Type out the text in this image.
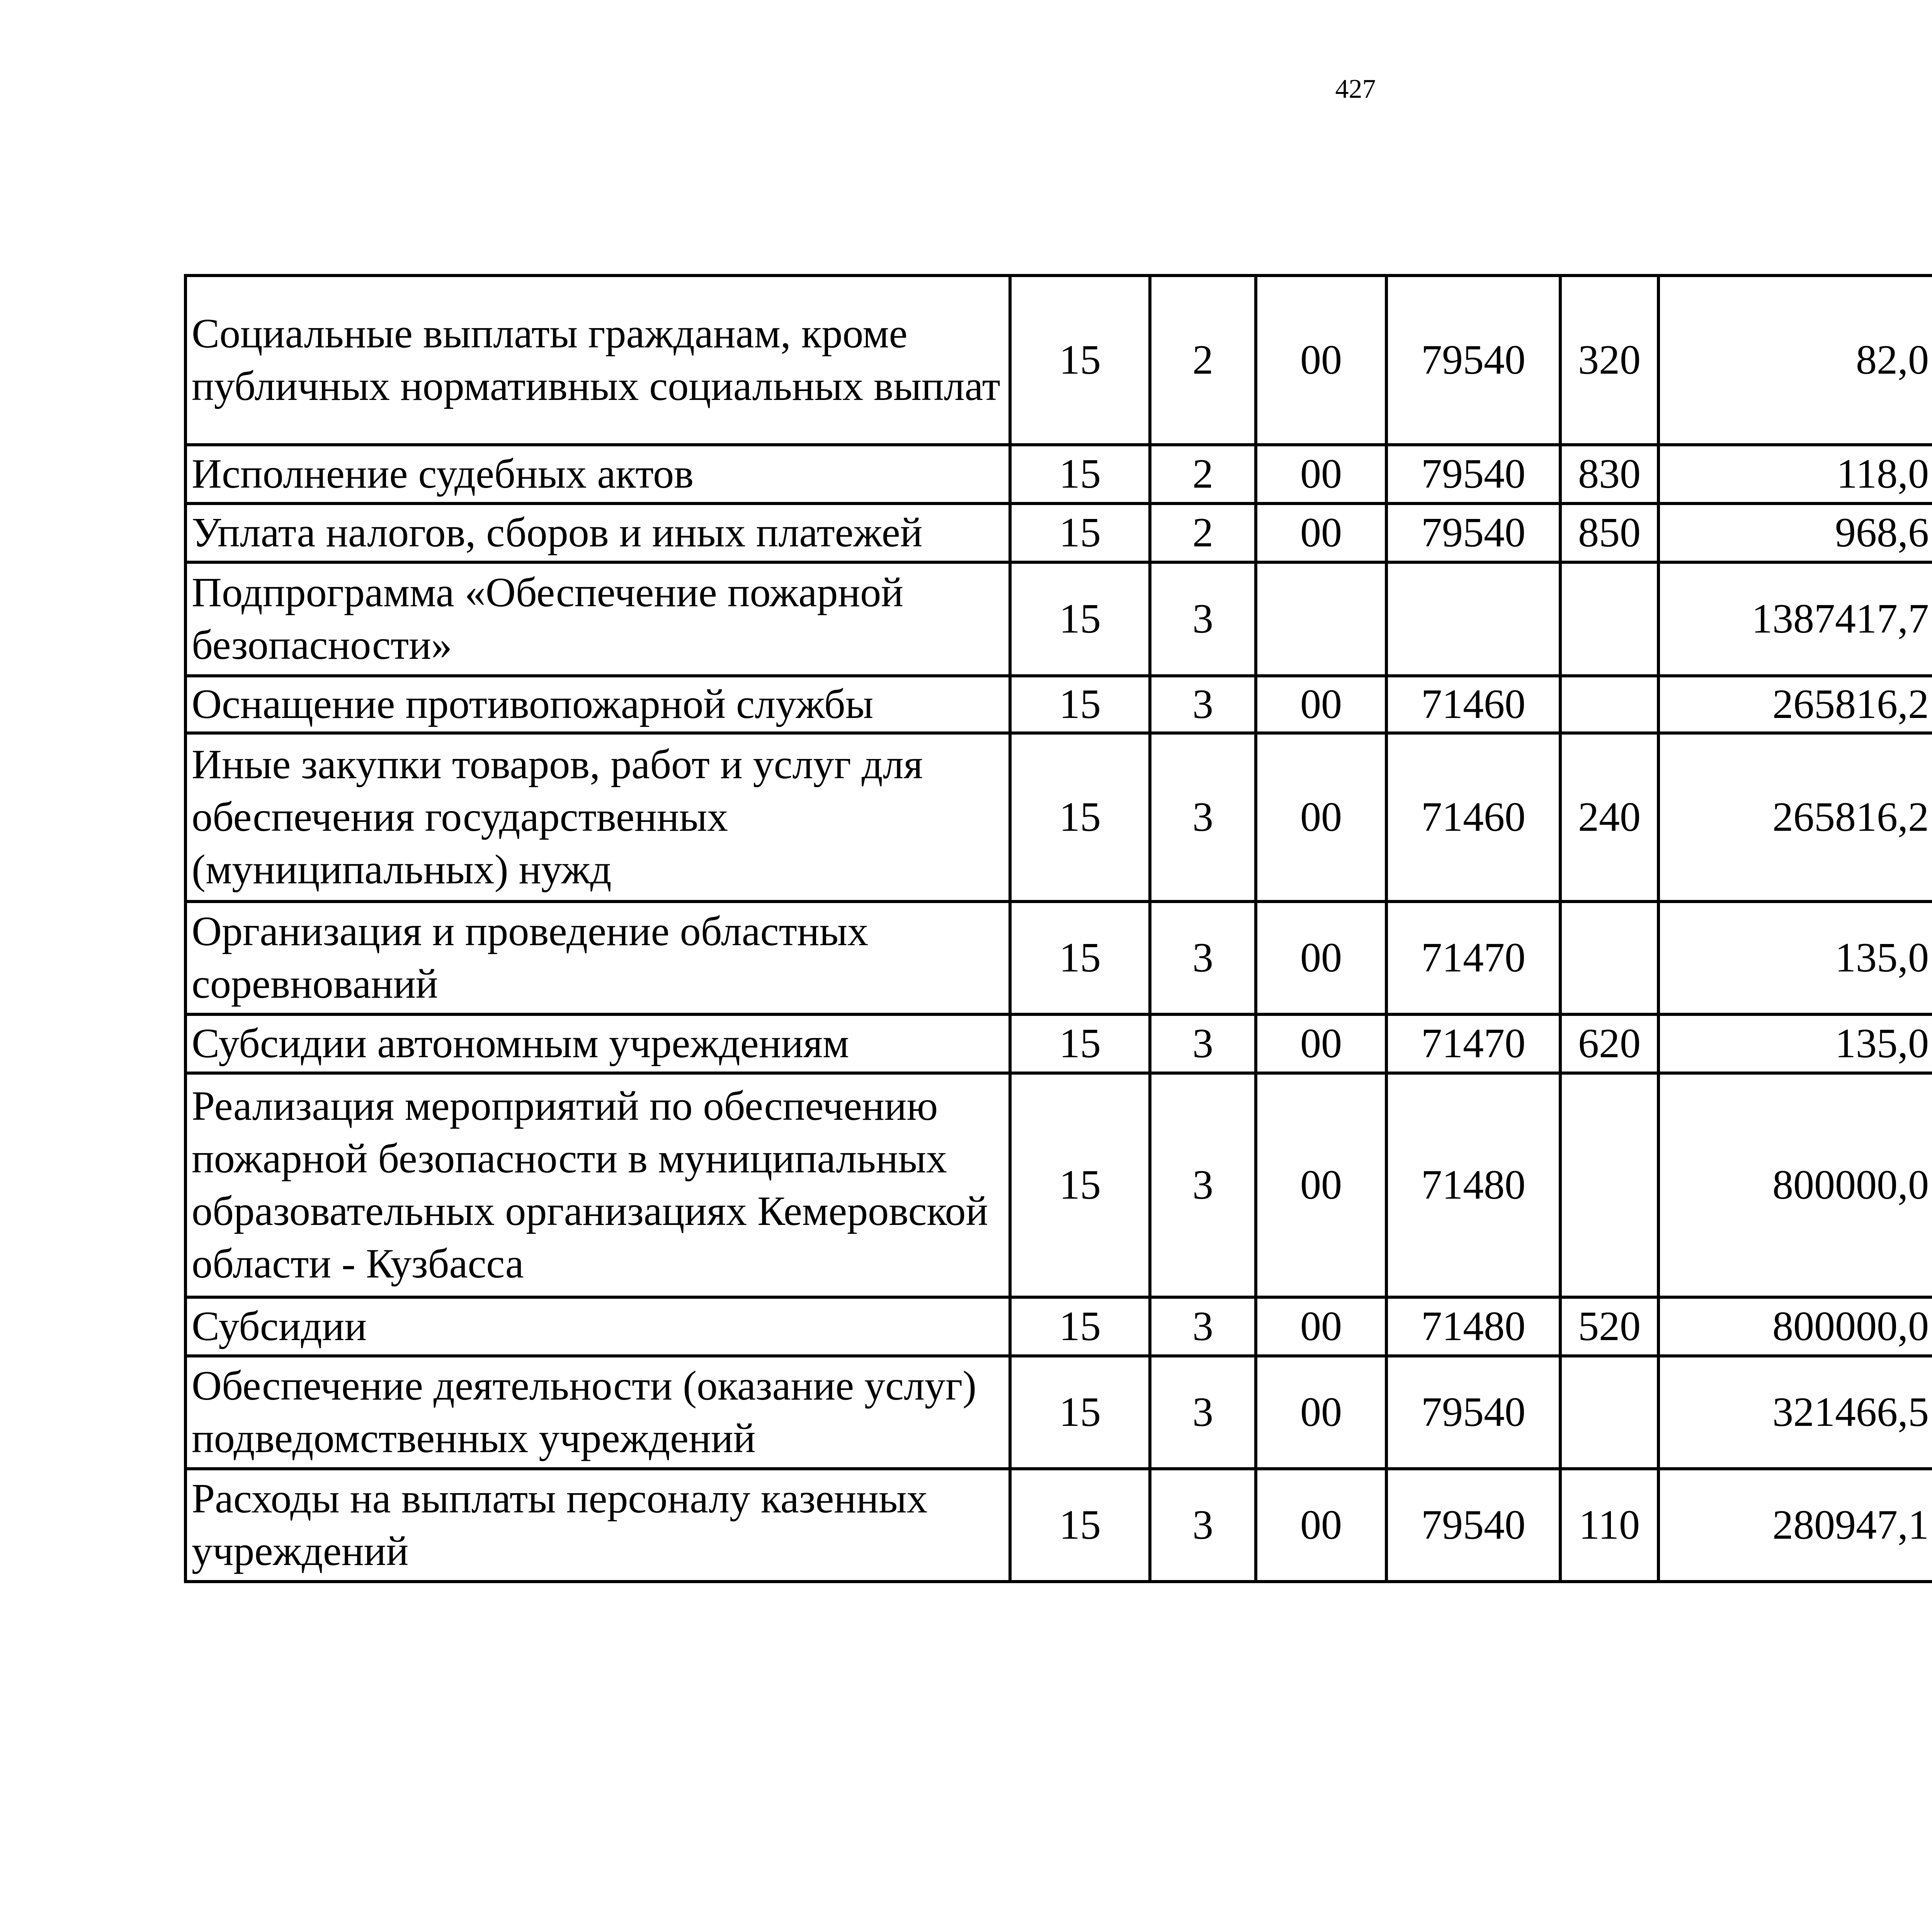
427
Социальные выплаты гражданам, кроме публичных нормативных социальных выплат	15	2	00	79540	320	82,0		
Исполнение судебных актов	15	2	00	79540	830	118,0		
Уплата налогов, сборов и иных платежей	15	2	00	79540	850	968,6		
Подпрограмма «Обеспечение пожарной безопасности»	15	3				1387417,7		
Оснащение противопожарной службы	15	3	00	71460		265816,2		
Иные закупки товаров, работ и услуг для обеспечения государственных (муниципальных) нужд	15	3	00	71460	240	265816,2		
Организация и проведение областных соревнований	15	3	00	71470		135,0		
Субсидии автономным учреждениям	15	3	00	71470	620	135,0		
Реализация мероприятий по обеспечению пожарной безопасности в муниципальных образовательных организациях Кемеровской области - Кузбасса	15	3	00	71480		800000,0		
Субсидии	15	3	00	71480	520	800000,0		
Обеспечение деятельности (оказание услуг) подведомственных учреждений	15	3	00	79540		321466,5		
Расходы на выплаты персоналу казенных учреждений	15	3	00	79540	110	280947,1		
